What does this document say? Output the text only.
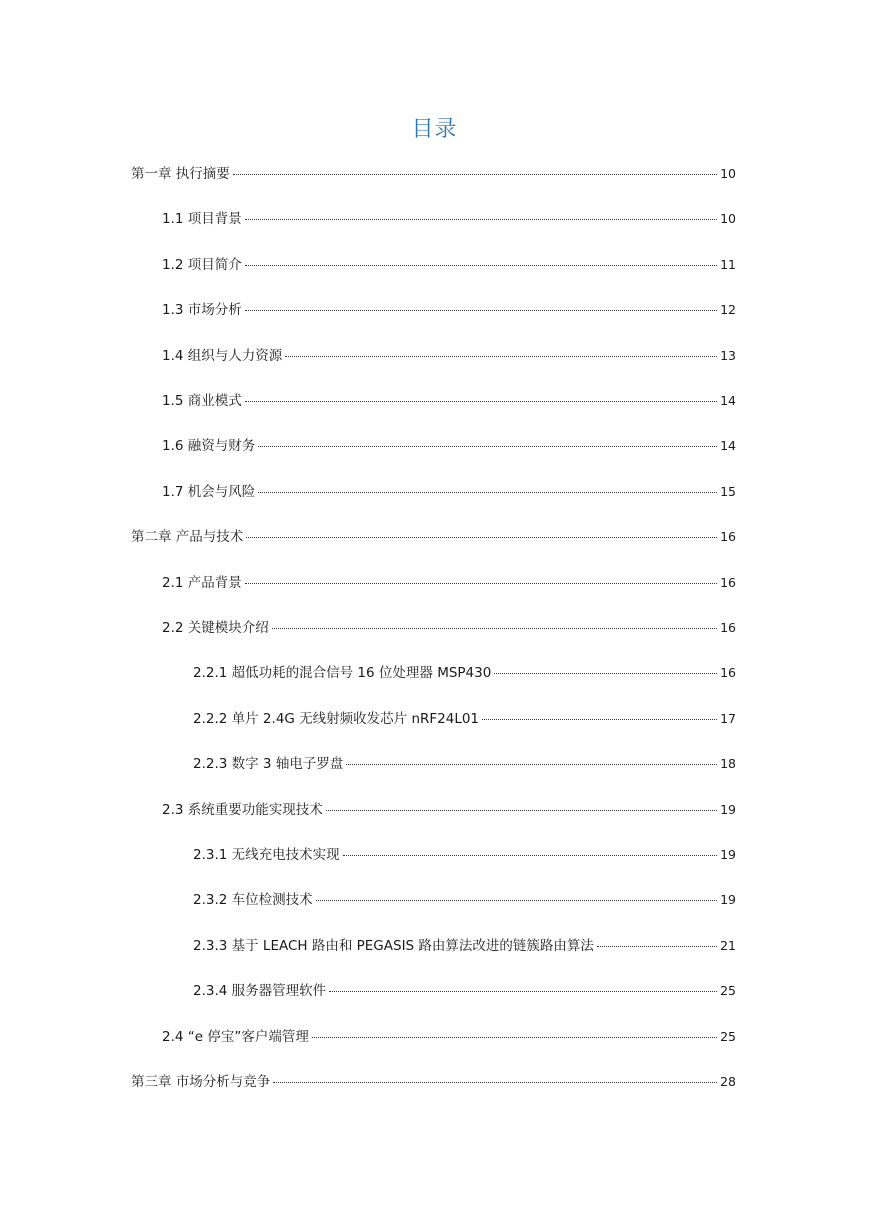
目录
第一章 执行摘要	10
1.1 项目背景	10
1.2 项目简介	11
1.3 市场分析	12
1.4 组织与人力资源	13
1.5 商业模式	14
1.6 融资与财务	14
1.7 机会与风险	15
第二章 产品与技术	16
2.1 产品背景	16
2.2 关键模块介绍	16
2.2.1 超低功耗的混合信号 16 位处理器 MSP430	16
2.2.2 单片 2.4G 无线射频收发芯片 nRF24L01	17
2.2.3 数字 3 轴电子罗盘	18
2.3 系统重要功能实现技术	19
2.3.1 无线充电技术实现	19
2.3.2 车位检测技术	19
2.3.3 基于 LEACH 路由和 PEGASIS 路由算法改进的链簇路由算法	21
2.3.4 服务器管理软件	25
2.4 “e 停宝”客户端管理	25
第三章 市场分析与竞争	28
